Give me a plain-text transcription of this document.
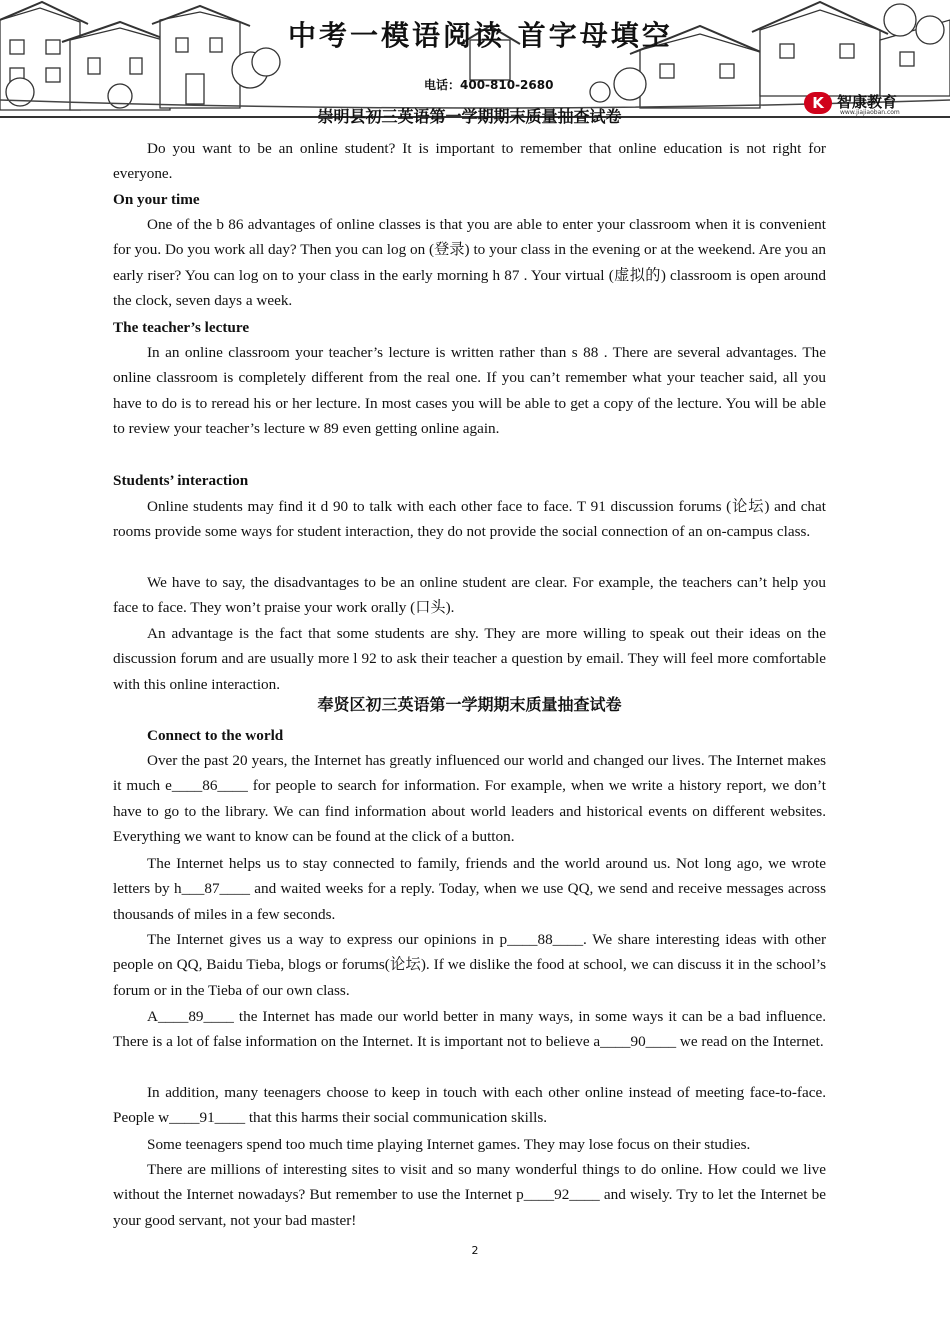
中考一模语阅读 首字母填空
电话：400-810-2680
K 智康教育
www.jiajiaoban.com
崇明县初三英语第一学期期末质量抽查试卷
Do you want to be an online student? It is important to remember that online education is not right for everyone.
On your time
One of the b 86 advantages of online classes is that you are able to enter your classroom when it is convenient for you. Do you work all day? Then you can log on (登录) to your class in the evening or at the weekend. Are you an early riser? You can log on to your class in the early morning h 87 . Your virtual (虚拟的) classroom is open around the clock, seven days a week.
The teacher’s lecture
In an online classroom your teacher’s lecture is written rather than s 88 . There are several advantages. The online classroom is completely different from the real one. If you can’t remember what your teacher said, all you have to do is to reread his or her lecture. In most cases you will be able to get a copy of the lecture. You will be able to review your teacher’s lecture w 89 even getting online again.
Students’ interaction
Online students may find it d 90 to talk with each other face to face. T 91 discussion forums (论坛) and chat rooms provide some ways for student interaction, they do not provide the social connection of an on-campus class.
We have to say, the disadvantages to be an online student are clear. For example, the teachers can’t help you face to face. They won’t praise your work orally (口头).
An advantage is the fact that some students are shy. They are more willing to speak out their ideas on the discussion forum and are usually more l 92 to ask their teacher a question by email. They will feel more comfortable with this online interaction.
奉贤区初三英语第一学期期末质量抽查试卷
Connect to the world
Over the past 20 years, the Internet has greatly influenced our world and changed our lives. The Internet makes it much e____86____ for people to search for information. For example, when we write a history report, we don’t have to go to the library. We can find information about world leaders and historical events on different websites. Everything we want to know can be found at the click of a button.
The Internet helps us to stay connected to family, friends and the world around us. Not long ago, we wrote letters by h___87____ and waited weeks for a reply. Today, when we use QQ, we send and receive messages across thousands of miles in a few seconds.
The Internet gives us a way to express our opinions in p____88____. We share interesting ideas with other people on QQ, Baidu Tieba, blogs or forums(论坛). If we dislike the food at school, we can discuss it in the school’s forum or in the Tieba of our own class.
A____89____ the Internet has made our world better in many ways, in some ways it can be a bad influence. There is a lot of false information on the Internet. It is important not to believe a____90____ we read on the Internet.
In addition, many teenagers choose to keep in touch with each other online instead of meeting face-to-face. People w____91____ that this harms their social communication skills.
Some teenagers spend too much time playing Internet games. They may lose focus on their studies.
There are millions of interesting sites to visit and so many wonderful things to do online. How could we live without the Internet nowadays? But remember to use the Internet p____92____ and wisely. Try to let the Internet be your good servant, not your bad master!
2
